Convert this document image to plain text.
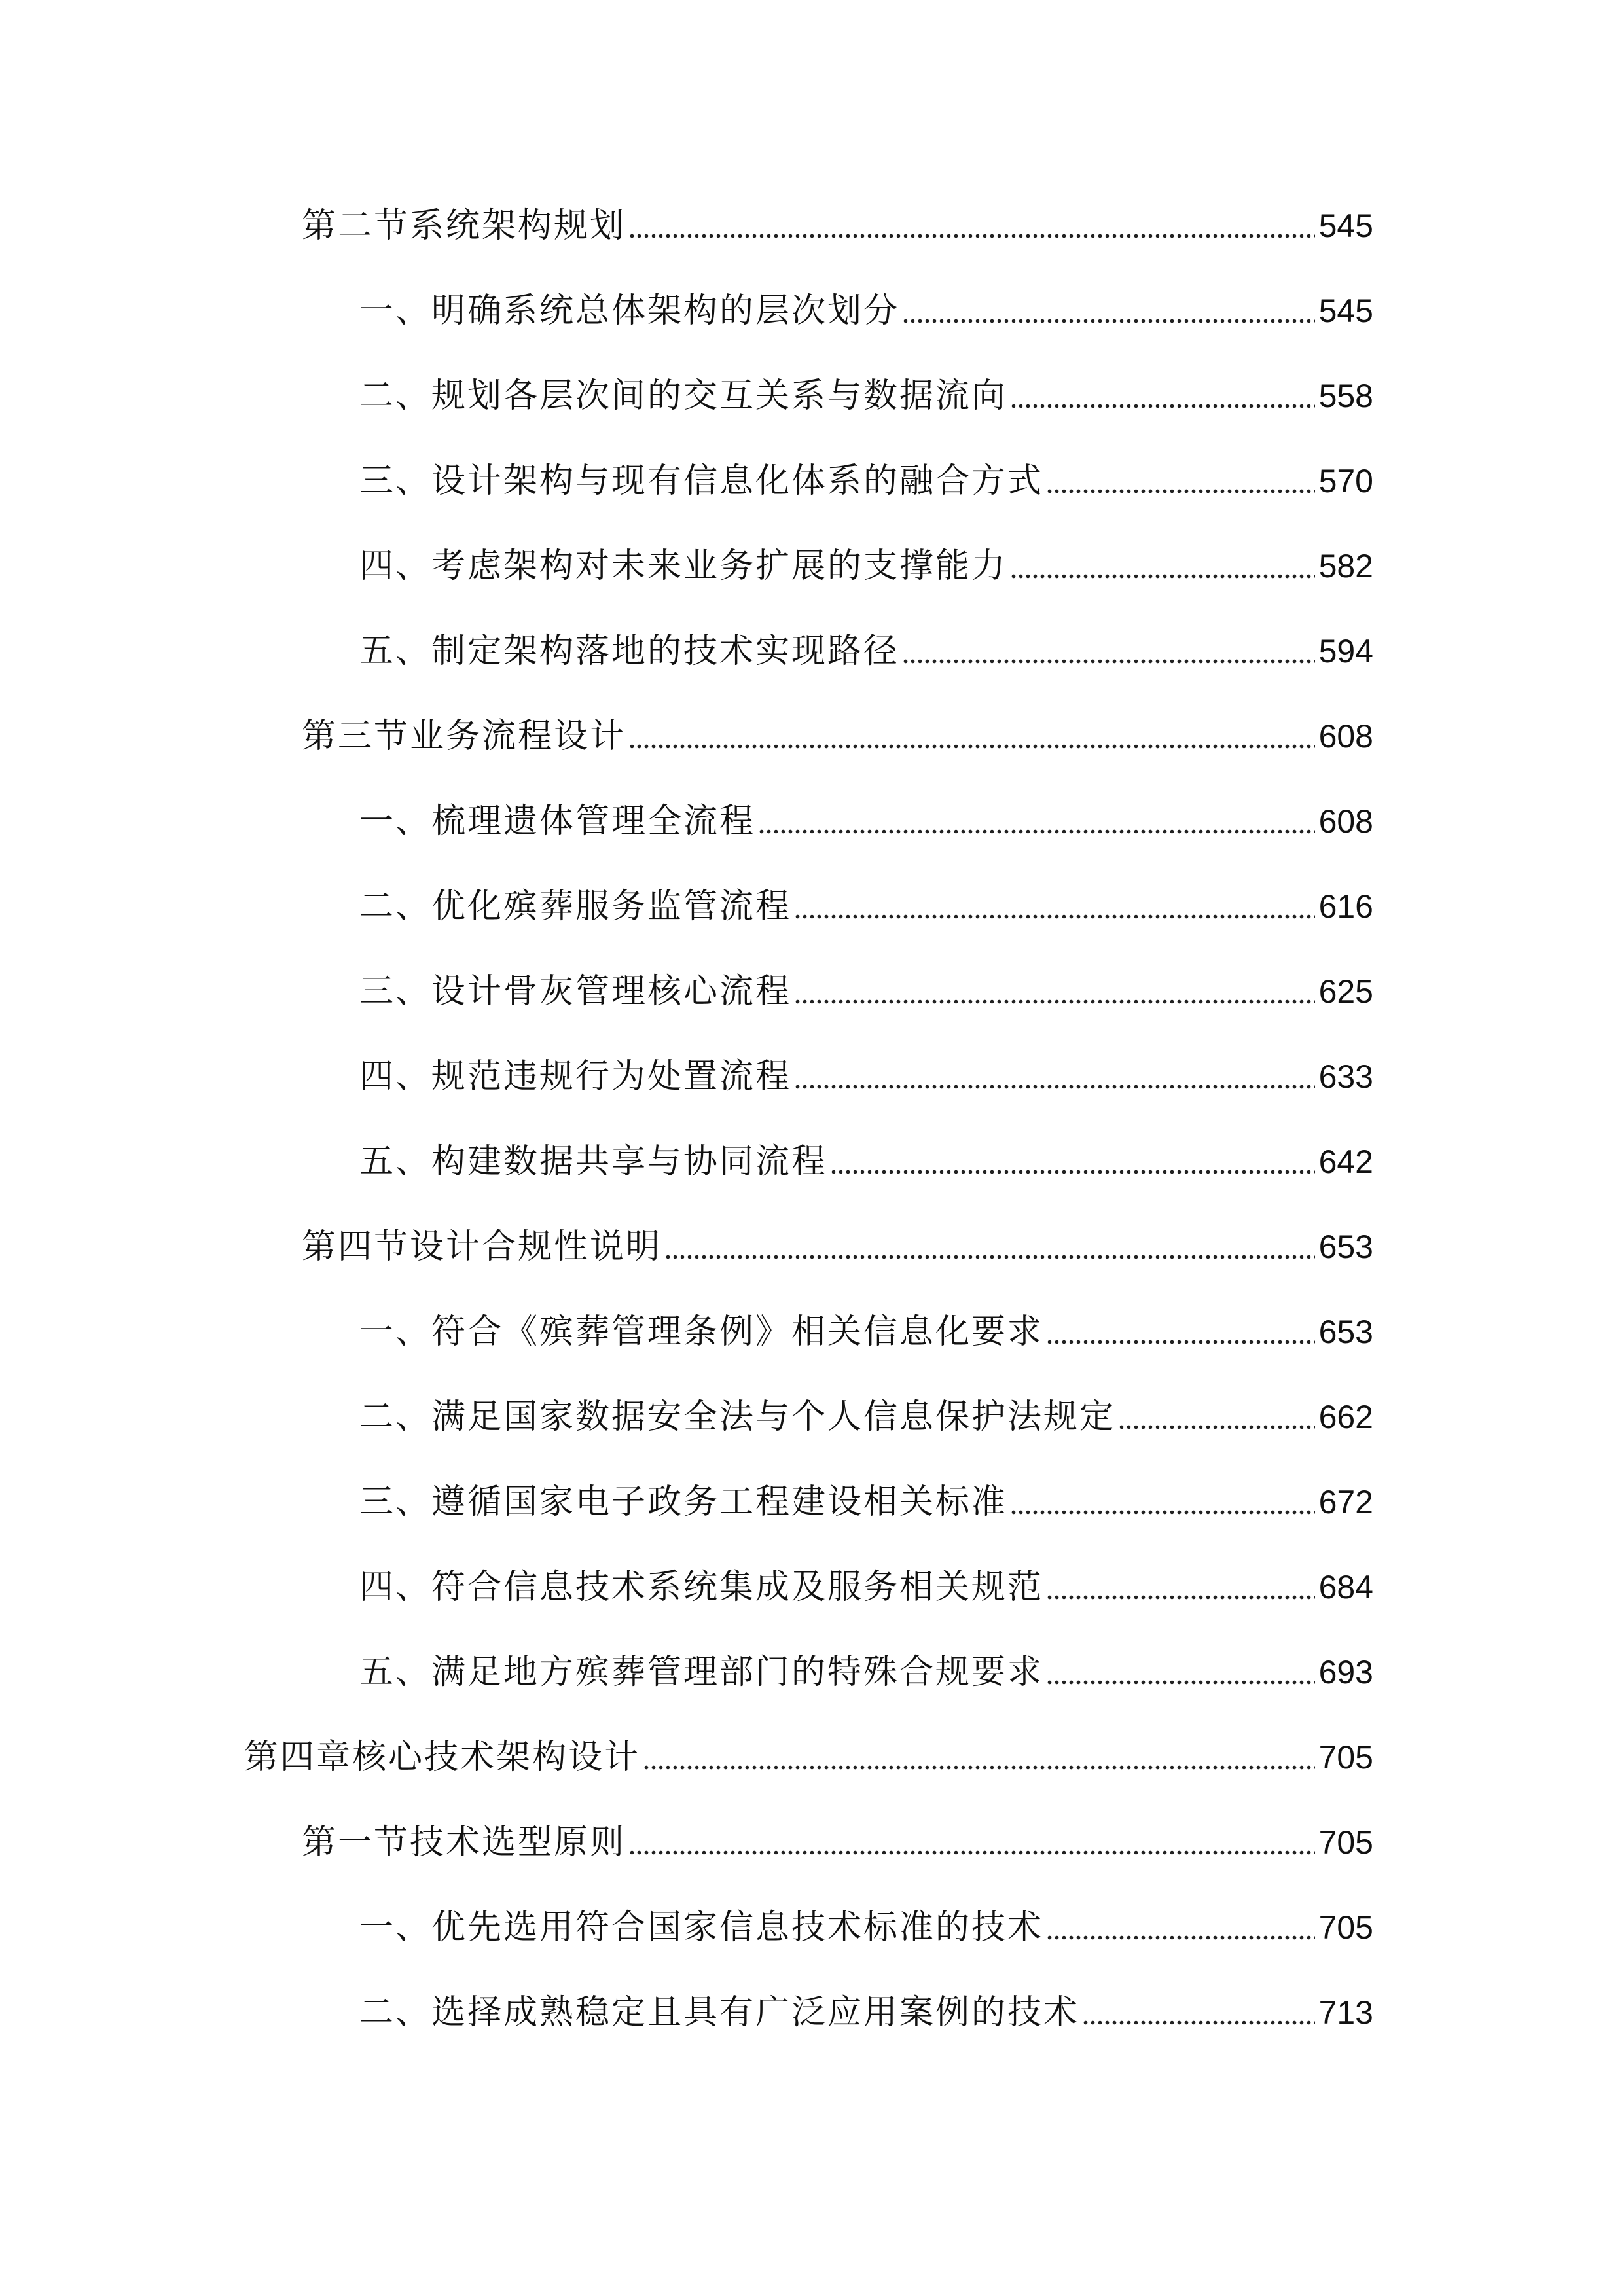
第二节系统架构规划	545
一、明确系统总体架构的层次划分	545
二、规划各层次间的交互关系与数据流向	558
三、设计架构与现有信息化体系的融合方式	570
四、考虑架构对未来业务扩展的支撑能力	582
五、制定架构落地的技术实现路径	594
第三节业务流程设计	608
一、梳理遗体管理全流程	608
二、优化殡葬服务监管流程	616
三、设计骨灰管理核心流程	625
四、规范违规行为处置流程	633
五、构建数据共享与协同流程	642
第四节设计合规性说明	653
一、符合《殡葬管理条例》相关信息化要求	653
二、满足国家数据安全法与个人信息保护法规定	662
三、遵循国家电子政务工程建设相关标准	672
四、符合信息技术系统集成及服务相关规范	684
五、满足地方殡葬管理部门的特殊合规要求	693
第四章核心技术架构设计	705
第一节技术选型原则	705
一、优先选用符合国家信息技术标准的技术	705
二、选择成熟稳定且具有广泛应用案例的技术	713
